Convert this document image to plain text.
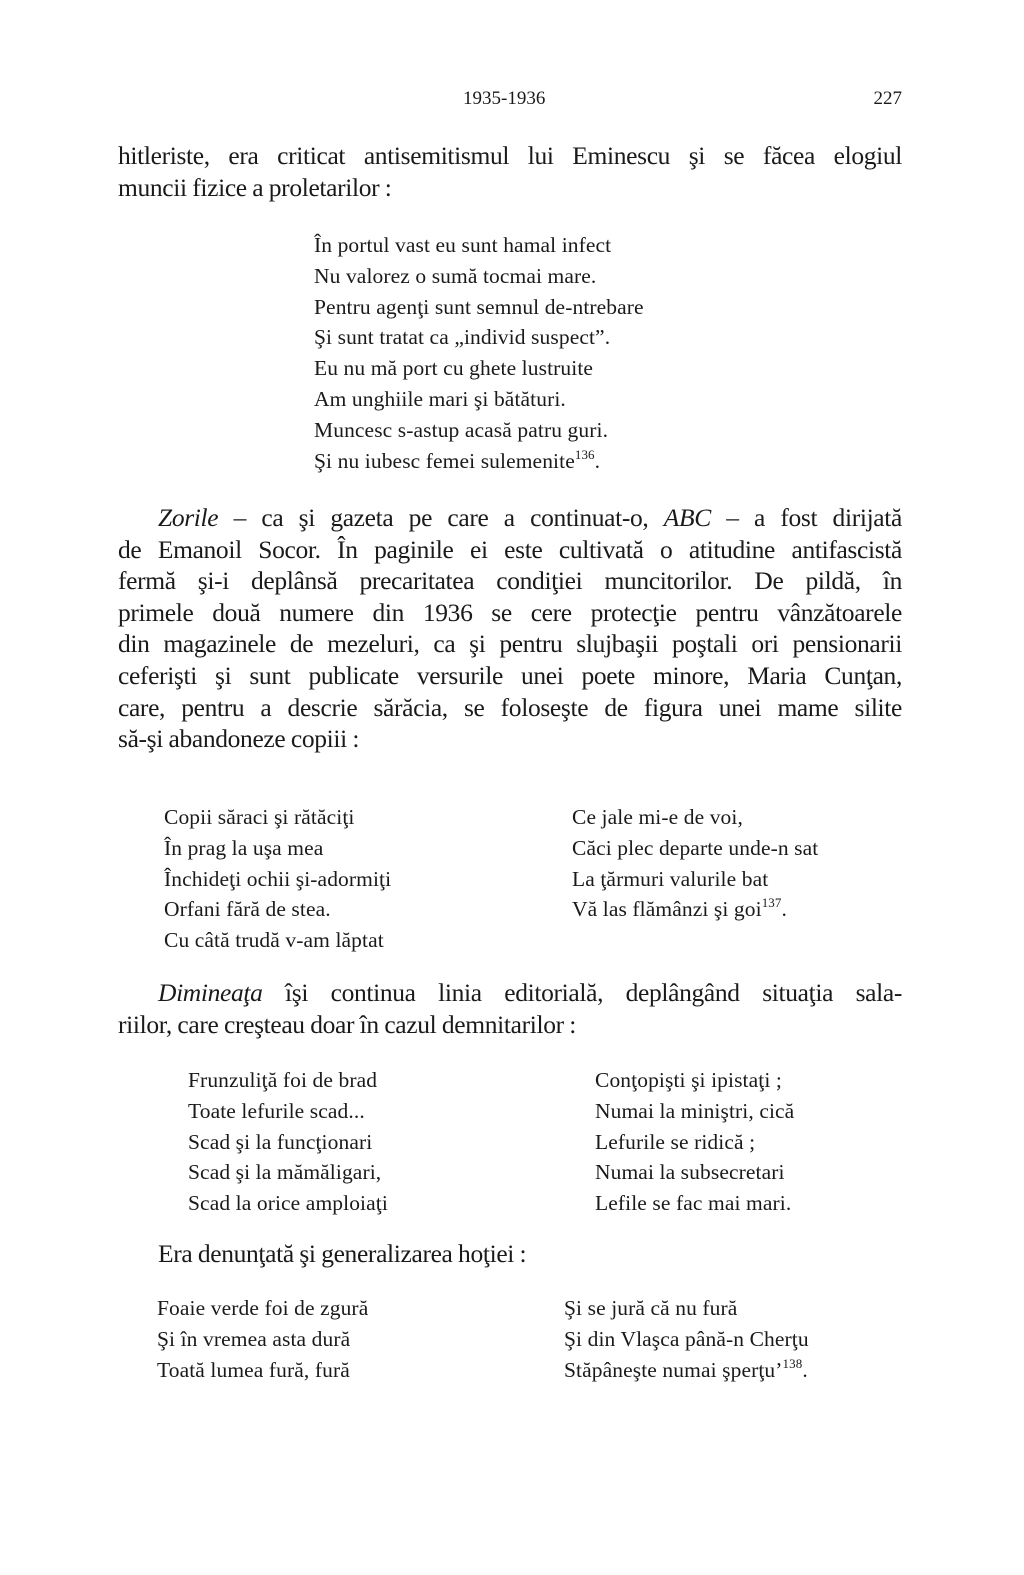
1935-1936	227
hitleriste, era criticat antisemitismul lui Eminescu şi se făcea elogiul
muncii fizice a proletarilor :
În portul vast eu sunt hamal infect
Nu valorez o sumă tocmai mare.
Pentru agenţi sunt semnul de-ntrebare
Şi sunt tratat ca „individ suspect”.
Eu nu mă port cu ghete lustruite
Am unghiile mari şi bătături.
Muncesc s-astup acasă patru guri.
Şi nu iubesc femei sulemenite$^{136}$.
Zorile – ca şi gazeta pe care a continuat-o, ABC – a fost dirijată
de Emanoil Socor. În paginile ei este cultivată o atitudine antifascistă
fermă şi-i deplânsă precaritatea condiţiei muncitorilor. De pildă, în
primele două numere din 1936 se cere protecţie pentru vânzătoarele
din magazinele de mezeluri, ca şi pentru slujbaşii poştali ori pensionarii
ceferişti şi sunt publicate versurile unei poete minore, Maria Cunţan,
care, pentru a descrie sărăcia, se foloseşte de figura unei mame silite
să-şi abandoneze copiii :
Copii săraci şi rătăciţi
În prag la uşa mea
Închideţi ochii şi-adormiţi
Orfani fără de stea.
Cu câtă trudă v-am lăptat
Ce jale mi-e de voi,
Căci plec departe unde-n sat
La ţărmuri valurile bat
Vă las flămânzi şi goi$^{137}$.
Dimineaţa îşi continua linia editorială, deplângând situaţia sala-
riilor, care creşteau doar în cazul demnitarilor :
Frunzuliţă foi de brad
Toate lefurile scad...
Scad şi la funcţionari
Scad şi la mămăligari,
Scad la orice amploiaţi
Conţopişti şi ipistaţi ;
Numai la miniştri, cică
Lefurile se ridică ;
Numai la subsecretari
Lefile se fac mai mari.
Era denunţată şi generalizarea hoţiei :
Foaie verde foi de zgură
Şi în vremea asta dură
Toată lumea fură, fură
Şi se jură că nu fură
Şi din Vlaşca până-n Cherţu
Stăpâneşte numai şperţu’$^{138}$.
